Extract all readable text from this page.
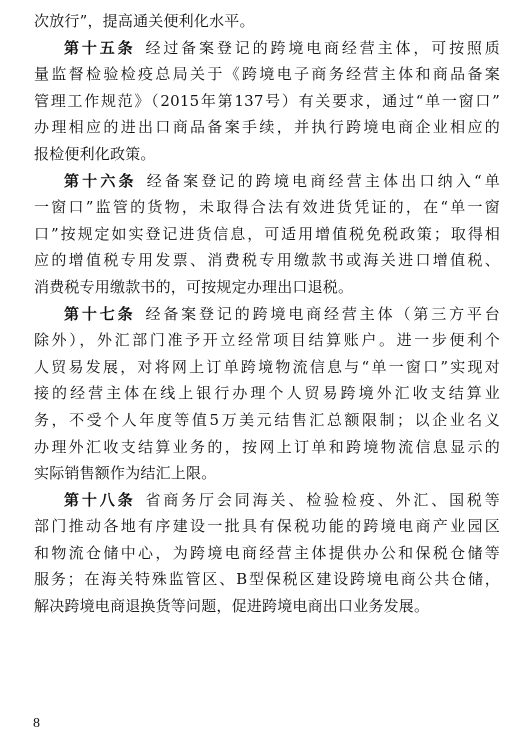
次放行”，提高通关便利化水平。
第十五条 经过备案登记的跨境电商经营主体，可按照质
量监督检验检疫总局关于《跨境电子商务经营主体和商品备案
管理工作规范》（2015年第137号）有关要求，通过“单一窗口”
办理相应的进出口商品备案手续，并执行跨境电商企业相应的
报检便利化政策。
第十六条 经备案登记的跨境电商经营主体出口纳入“单
一窗口”监管的货物，未取得合法有效进货凭证的，在“单一窗
口”按规定如实登记进货信息，可适用增值税免税政策；取得相
应的增值税专用发票、消费税专用缴款书或海关进口增值税、
消费税专用缴款书的，可按规定办理出口退税。
第十七条 经备案登记的跨境电商经营主体（第三方平台
除外），外汇部门准予开立经常项目结算账户。进一步便利个
人贸易发展，对将网上订单跨境物流信息与“单一窗口”实现对
接的经营主体在线上银行办理个人贸易跨境外汇收支结算业
务，不受个人年度等值5万美元结售汇总额限制；以企业名义
办理外汇收支结算业务的，按网上订单和跨境物流信息显示的
实际销售额作为结汇上限。
第十八条 省商务厅会同海关、检验检疫、外汇、国税等
部门推动各地有序建设一批具有保税功能的跨境电商产业园区
和物流仓储中心，为跨境电商经营主体提供办公和保税仓储等
服务；在海关特殊监管区、B型保税区建设跨境电商公共仓储，
解决跨境电商退换货等问题，促进跨境电商出口业务发展。
8
